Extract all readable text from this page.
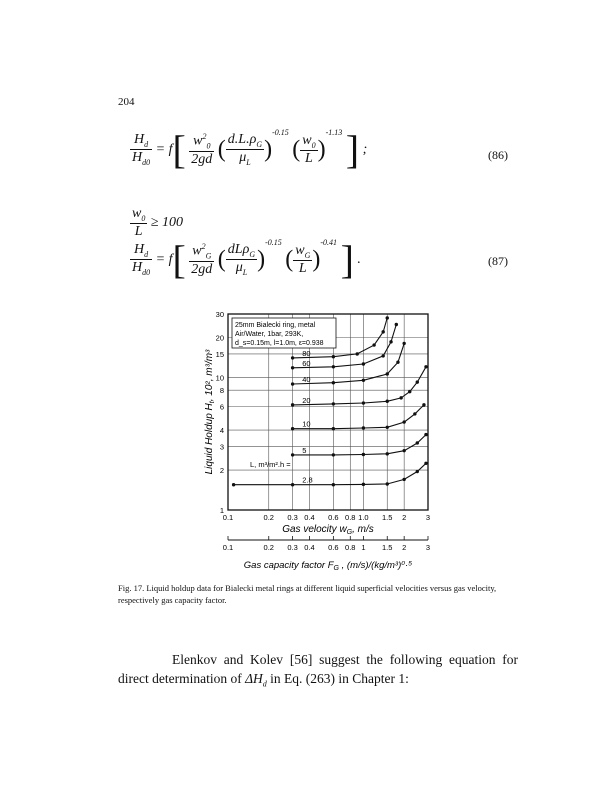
204
$\frac{H_d}{H_{d0}} = f[ \frac{w^2_0}{2gd}$ ( $\frac{d.L.\rho_G}{\mu_L} )^{-0.15}$ ( $\frac{w_0}{L} )^{-1.13}$ ] ;	(86)
$\frac{w_0}{L} \ge 100$
$\frac{H_d}{H_{d0}} = f[ \frac{w^2_G}{2gd}$ ( $\frac{dL\rho_G}{\mu_L} )^{-0.15}$ ( $\frac{w_G}{L} )^{-0.41}$ ] .	(87)
80
60
40
20
10
5
2.8
0.1	0.2 0.3 0.4 0.6 0.8 1.0 1.5 2	3
1
2
3
4
6
8
10
15
20
30
25mm Bialecki ring, metal
Air/Water, 1bar, 293K,
d_s=0.15m, l=1.0m, ε=0.938
L, m³/m².h =
Liquid Holdup $H_t$, 10², m³/m³
Gas velocity $w_G$, m/s
0.1	0.2 0.3 0.4 0.6 0.8 1 1.5 2	3
Gas capacity factor $F_G$ , (m/s)/(kg/m³)⁰·⁵
Fig. 17. Liquid holdup data for Bialecki metal rings at different liquid superficial velocities versus gas velocity, respectively gas capacity factor.
Elenkov and Kolev [56] suggest the following equation for direct determination of $\Delta H_d$ in Eq. (263) in Chapter 1:
